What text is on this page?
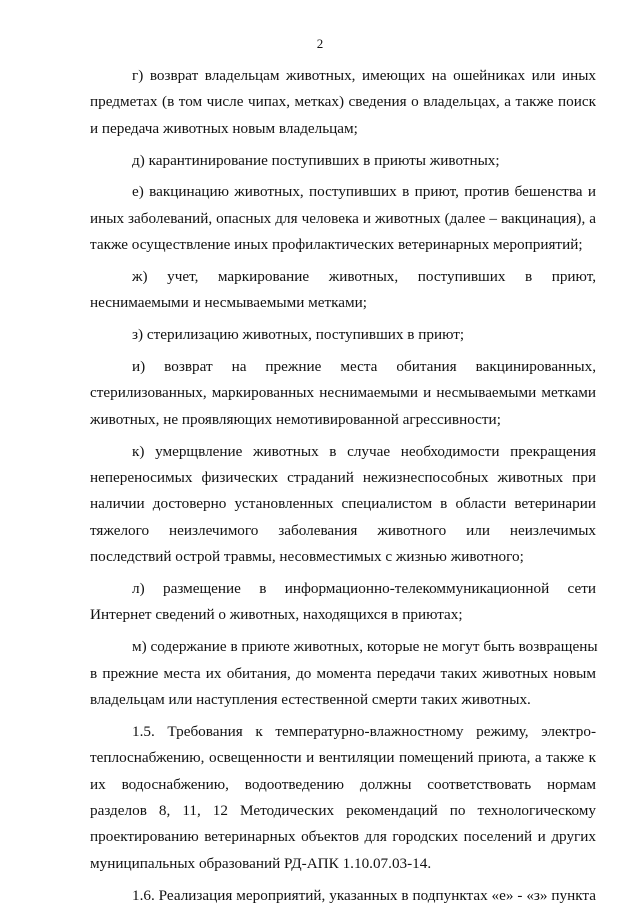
2
г) возврат владельцам животных, имеющих на ошейниках или иных
предметах (в том числе чипах, метках) сведения о владельцах, а также поиск
и передача животных новым владельцам;
д) карантинирование поступивших в приюты животных;
е) вакцинацию животных, поступивших в приют, против бешенства и
иных заболеваний, опасных для человека и животных (далее – вакцинация), а
также осуществление иных профилактических ветеринарных мероприятий;
ж) учет, маркирование животных, поступивших в приют,
неснимаемыми и несмываемыми метками;
з) стерилизацию животных, поступивших в приют;
и) возврат на прежние места обитания вакцинированных,
стерилизованных, маркированных неснимаемыми и несмываемыми метками
животных, не проявляющих немотивированной агрессивности;
к) умерщвление животных в случае необходимости прекращения
непереносимых физических страданий нежизнеспособных животных при
наличии достоверно установленных специалистом в области ветеринарии
тяжелого неизлечимого заболевания животного или неизлечимых
последствий острой травмы, несовместимых с жизнью животного;
л) размещение в информационно-телекоммуникационной сети
Интернет сведений о животных, находящихся в приютах;
м) содержание в приюте животных, которые не могут быть возвращены
в прежние места их обитания, до момента передачи таких животных новым
владельцам или наступления естественной смерти таких животных.
1.5. Требования к температурно-влажностному режиму, электро-
теплоснабжению, освещенности и вентиляции помещений приюта, а также к
их водоснабжению, водоотведению должны соответствовать нормам
разделов 8, 11, 12 Методических рекомендаций по технологическому
проектированию ветеринарных объектов для городских поселений и других
муниципальных образований РД-АПК 1.10.07.03-14.
1.6. Реализация мероприятий, указанных в подпунктах «е» - «з» пункта
